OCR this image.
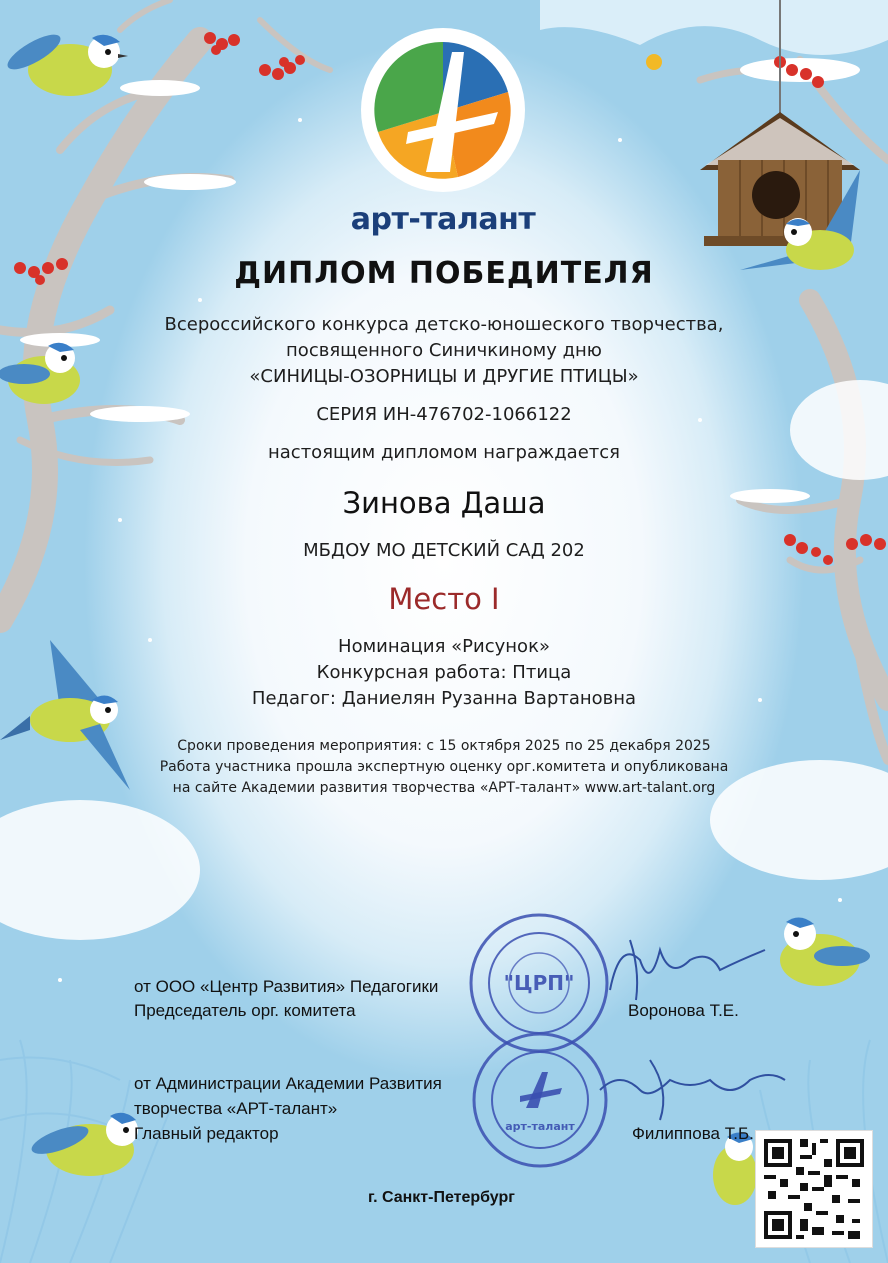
арт-талант
ДИПЛОМ ПОБЕДИТЕЛЯ
Всероссийского конкурса детско-юношеского творчества,
посвященного Синичкиному дню
«СИНИЦЫ-ОЗОРНИЦЫ И ДРУГИЕ ПТИЦЫ»
СЕРИЯ ИН-476702-1066122
настоящим дипломом награждается
Зинова Даша
МБДОУ МО ДЕТСКИЙ САД 202
Место I
Номинация «Рисунок»
Конкурсная работа: Птица
Педагог: Даниелян Рузанна Вартановна
Сроки проведения мероприятия: с 15 октября 2025 по 25 декабря 2025
Работа участника прошла экспертную оценку орг.комитета и опубликована
на сайте Академии развития творчества «АРТ-талант» www.art-talant.org
"ЦРП"
арт-талант
от ООО «Центр Развития» Педагогики
Председатель орг. комитета	Воронова Т.Е.
от Администрации Академии Развития
творчества «АРТ-талант»
Главный редактор	Филиппова Т.Б.
г. Санкт-Петербург
